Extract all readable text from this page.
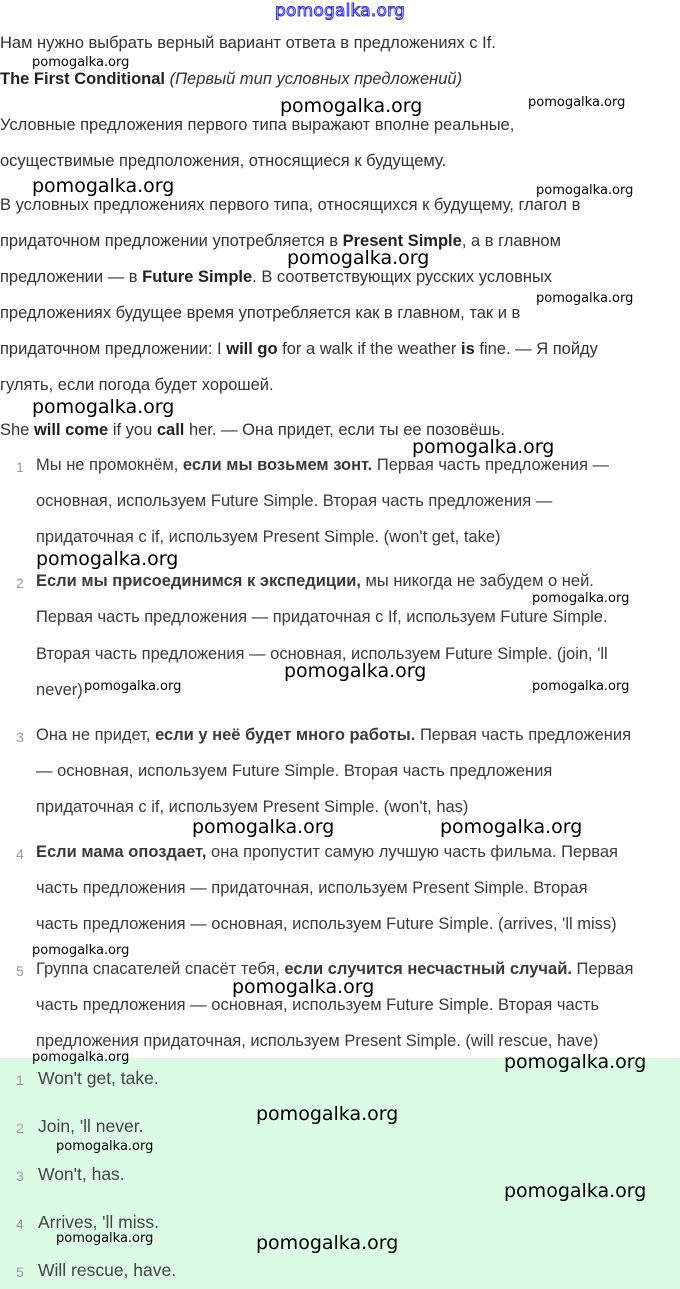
pomogalka.org
Нам нужно выбрать верный вариант ответа в предложениях с If.
The First Conditional (Первый тип условных предложений)
Условные предложения первого типа выражают вполне реальные,
осуществимые предположения, относящиеся к будущему.
В условных предложениях первого типа, относящихся к будущему, глагол в
придаточном предложении употребляется в Present Simple, а в главном
предложении — в Future Simple. В соответствующих русских условных
предложениях будущее время употребляется как в главном, так и в
придаточном предложении: I will go for a walk if the weather is fine. — Я пойду
гулять, если погода будет хорошей.
She will come if you call her. — Она придет, если ты ее позовёшь.
1 Мы не промокнём, если мы возьмем зонт. Первая часть предложения —
основная, используем Future Simple. Вторая часть предложения —
придаточная с if, используем Present Simple. (won't get, take)
2 Если мы присоединимся к экспедиции, мы никогда не забудем о ней.
Первая часть предложения — придаточная с If, используем Future Simple.
Вторая часть предложения — основная, используем Future Simple. (join, 'll
never)
3 Она не придет, если у неё будет много работы. Первая часть предложения
— основная, используем Future Simple. Вторая часть предложения
придаточная с if, используем Present Simple. (won't, has)
4 Если мама опоздает, она пропустит самую лучшую часть фильма. Первая
часть предложения — придаточная, используем Present Simple. Вторая
часть предложения — основная, используем Future Simple. (arrives, 'll miss)
5 Группа спасателей спасёт тебя, если случится несчастный случай. Первая
часть предложения — основная, используем Future Simple. Вторая часть
предложения придаточная, используем Present Simple. (will rescue, have)
1 Won't get, take.
2 Join, 'll never.
3 Won't, has.
4 Arrives, 'll miss.
5 Will rescue, have.
pomogalka.org
pomogalka.org	pomogalka.org
pomogalka.org	pomogalka.org
pomogalka.org
pomogalka.org
pomogalka.org
pomogalka.org
pomogalka.org
pomogalka.org
pomogalka.org
pomogalka.org	pomogalka.org
pomogalka.org	pomogalka.org
pomogalka.org
pomogalka.org
pomogalka.org	pomogalka.org
pomogalka.org
pomogalka.org
pomogalka.org
pomogalka.org	pomogalka.org
